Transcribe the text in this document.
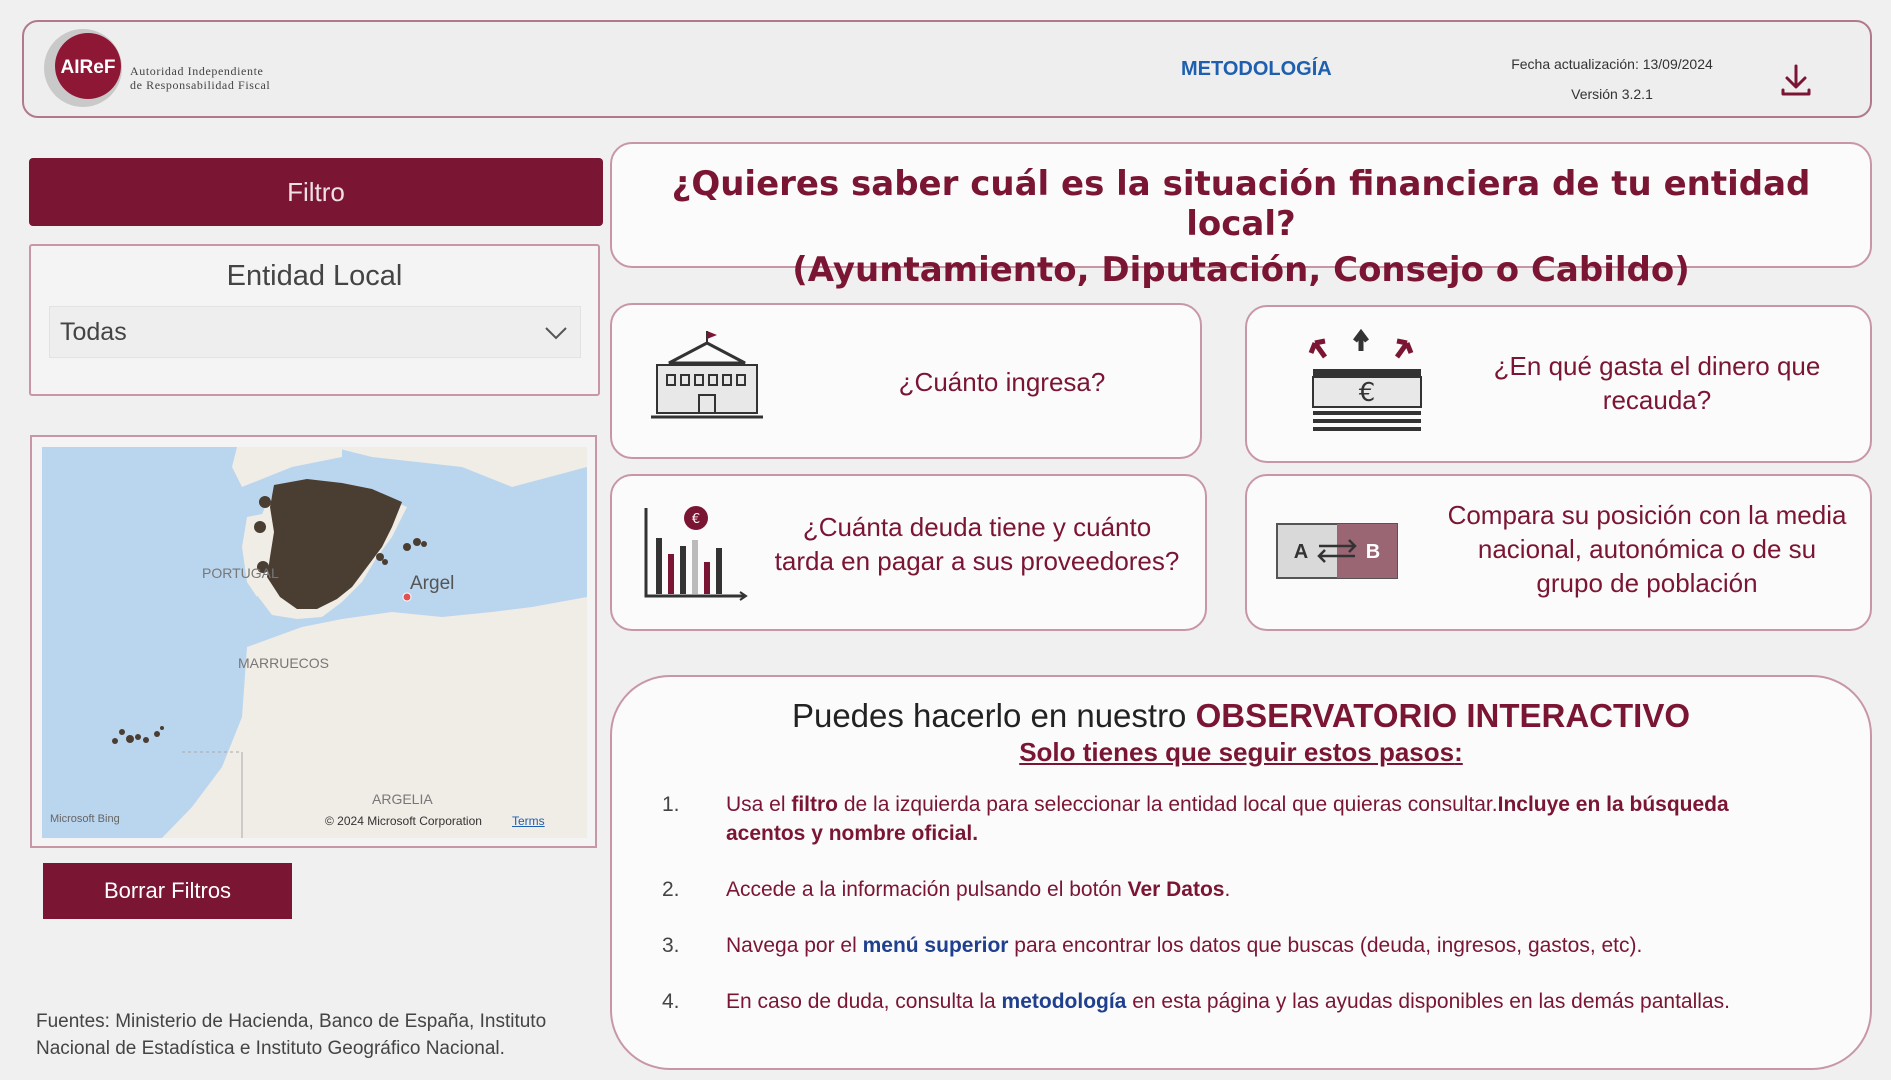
AIReF Autoridad Independiente
de Responsabilidad Fiscal
METODOLOGÍA	Fecha actualización: 13/09/2024
Versión 3.2.1
Filtro
Entidad Local
Todas
PORTUGAL	Argel
MARRUECOS
ARGELIA
Microsoft Bing	© 2024 Microsoft Corporation	Terms
Borrar Filtros
Fuentes: Ministerio de Hacienda, Banco de España, Instituto Nacional de Estadística e Instituto Geográfico Nacional.
¿Quieres saber cuál es la situación financiera de tu entidad local?
(Ayuntamiento, Diputación, Consejo o Cabildo)
¿Cuánto ingresa?	€
¿En qué gasta el dinero que recauda?
€	¿Cuánta deuda tiene y cuánto tarda en pagar a sus proveedores?	A	B
Compara su posición con la media nacional, autonómica o de su grupo de población
Puedes hacerlo en nuestro OBSERVATORIO INTERACTIVO
Solo tienes que seguir estos pasos:
1. Usa el filtro de la izquierda para seleccionar la entidad local que quieras consultar.Incluye en la búsqueda acentos y nombre oficial.
2. Accede a la información pulsando el botón Ver Datos.
3. Navega por el menú superior para encontrar los datos que buscas (deuda, ingresos, gastos, etc).
4. En caso de duda, consulta la metodología en esta página y las ayudas disponibles en las demás pantallas.
